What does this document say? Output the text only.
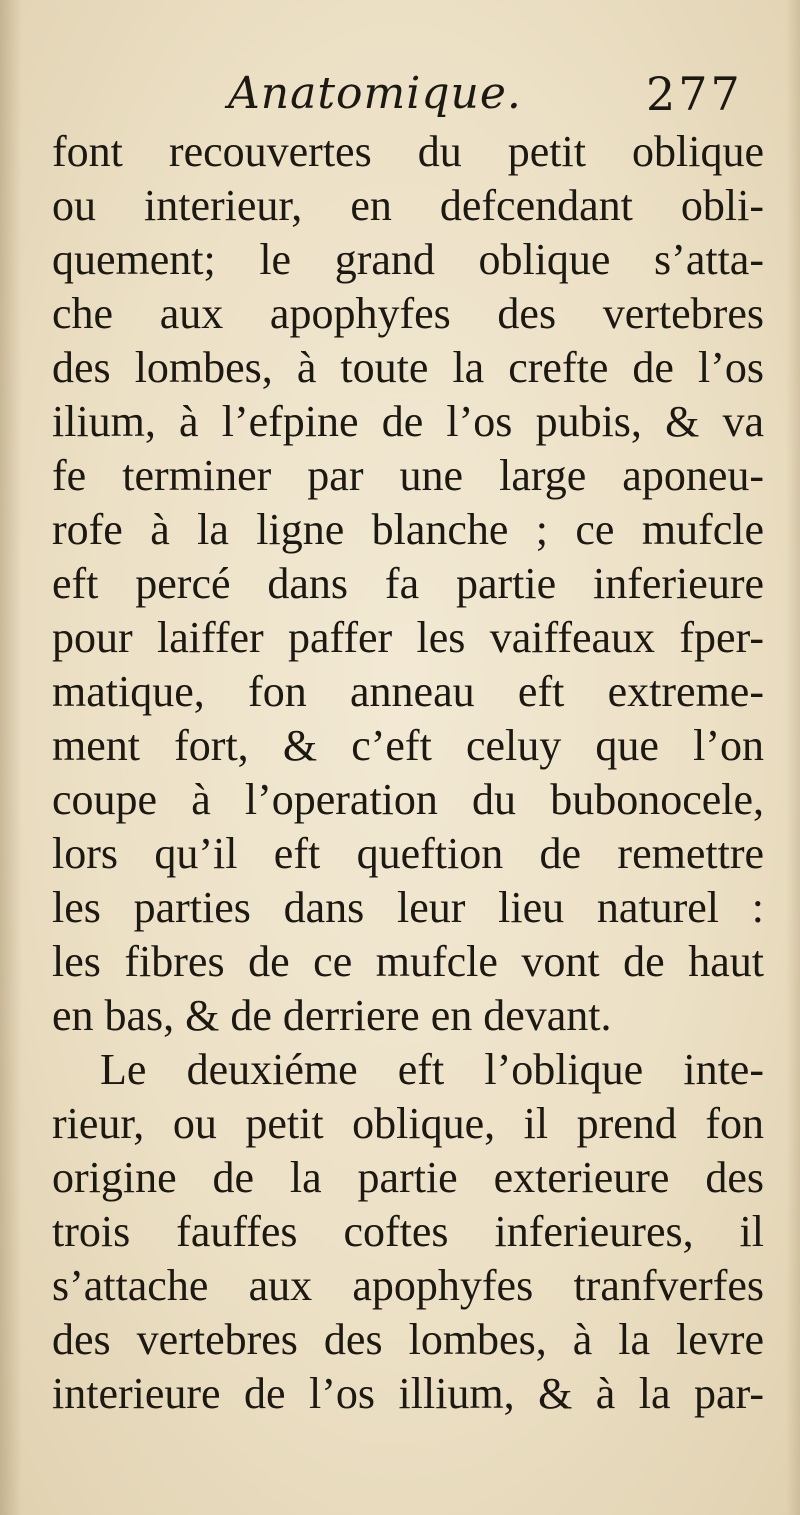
Anatomique.	277
font recouvertes du petit oblique
ou interieur, en defcendant obli-
quement; le grand oblique s’atta-
che aux apophyfes des vertebres
des lombes, à toute la crefte de l’os
ilium, à l’efpine de l’os pubis, & va
fe terminer par une large aponeu-
rofe à la ligne blanche ; ce mufcle
eft percé dans fa partie inferieure
pour laiffer paffer les vaiffeaux fper-
matique, fon anneau eft extreme-
ment fort, & c’eft celuy que l’on
coupe à l’operation du bubonocele,
lors qu’il eft queftion de remettre
les parties dans leur lieu naturel :
les fibres de ce mufcle vont de haut
en bas, & de derriere en devant.
Le deuxiéme eft l’oblique inte-
rieur, ou petit oblique, il prend fon
origine de la partie exterieure des
trois fauffes coftes inferieures, il
s’attache aux apophyfes tranfverfes
des vertebres des lombes, à la levre
interieure de l’os illium, & à la par-
